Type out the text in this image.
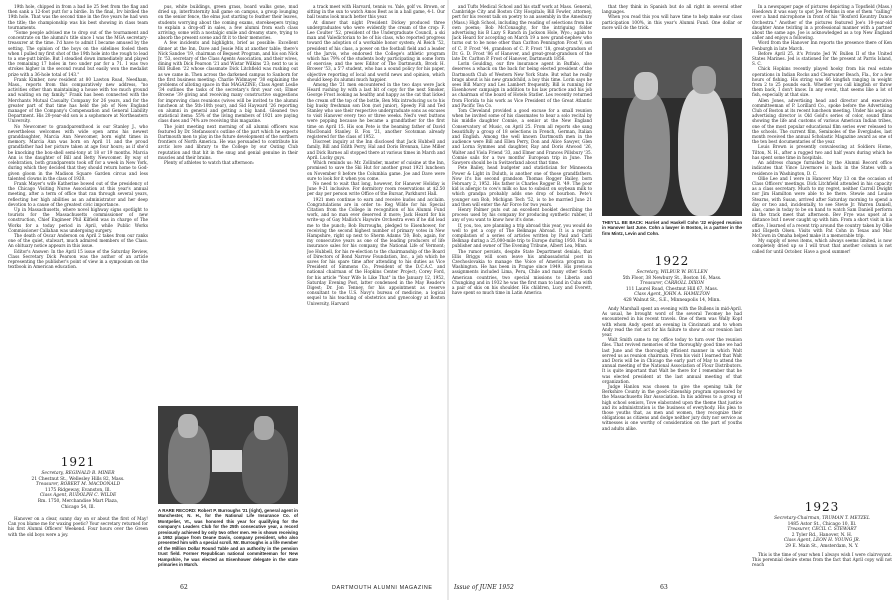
19th hole, chipped in from a bad lie 25 feet from the flag and then sank a 12-foot putt for a birdie. In the final, Irv birdied the 19th hole. That was the second time in the five years he had won the title; the championship was his best showing in class team tournaments.

"Some people advised me to drop out of the tournament and concentrate on the alumni's title since I was the MGA secretary-treasurer at the time. I'd have to admit I became amused by the setting. The opinion of the boys on the sidelines fooled them when I pulled my first shot of the 19th hole into the rough to lead to a one-putt birdie. But I steadied down immediately and played the remaining 17 holes in two under par for a 71. I was two strokes higher in the second round but easily won the medalist prize with a 36-hole total of 143."

Frank Kimber, now resident at 80 Lawton Road, Needham, Mass., reports from this comparatively new address, "no activities other than maintaining a house with too much ground and waiting on my family." Frank has been connected with the Merchants Mutual Casualty Company for 26 years, and for the greater part of that time has held the job of New England manager of the Company's Compensation and General Liability Department. His 20-year-old son is a sophomore at Northeastern University.

No Newcomer to grandparenthood is our Stanley J., who nevertheless welcomes with wide open arms his newest granddaughter, Marcia Ann Newcomer, born eight times in memory. Marcia Ann was born on April 11 and the proud grandfather had her picture taken at age four hours; as if she'd be knocking the box-shell semi-tony at 18 or 19 months. Marcia Ann is the daughter of Bill and Betty Newcomer. By way of celebration, both grandparents took off for a week in New York, during which they decided that they should return home to God-given gloom in the Madison Square Garden circus and less talented clowns in the class of 1920.

Frank Mayer's wife Katherine bowed out of the presidency of the Chicago Visiting Nurse Association at this year's annual meeting, after a term of office that ran through several years, reflecting her high abilities as an administrator and her deep devotion to a cause of the greatest civic importance.

Up in Massachusetts, where novel highway signs spotlight to tourists for the Massachusetts commissioner of new construction, Chief Engineer Phil Kilfield was in charge of The Works for a today period in April, while Public Works Commissioner Callahan was undergoing surgery.

The death of Oscar Anderson on April 2 takes from our ranks one of the quiet, stalwart, much admired members of the Class. An obituary notice appears in this issue.

Editor's Answer: In the April 15 issue of the Saturday Review, Class Secretary Dick Pearson was the author of an article representing the publisher's point of view in a symposium on the textbook in American education.

1921
Secretary, REGINALD B. MINER
21 Chestnut St., Wellesley Hills 82, Mass.
Treasurer, ROBERT M. MACDONALD
1175 Ridgeway, Evanston, Ill.
Class Agent, RUDOLPH C. WILDE
Rm. 1750, Merchandise Mart Plaza,
Chicago 54, Ill.

Hanover on a clear, sunny day on or about the first of May! Can you blame me for waxing poetic? Your secretary returned for his first Alumni Officers' Weekend. Four hours over the Green with the old boys were a joy.

pus, white buildings, green grass, board walks gone, mud dried up, interfraternity ball game on campus, a group lounging on the senior fence, the elms just starting to feather their leaves, students worrying about the coming exams, storekeepers trying to explain a drop-off in sales, a few alumni from each class arriving; some with a nostalgic smile and dreamy stare, trying to absorb the present scene and fit it to their memories.

A few incidents and highlights, brief as possible: Excellent dinner at the Inn, Dave and Jessie Mix at another table; there's Nick Sandoe '19, chairman of Bequest Program, and his son Nick Jr. '53, secretary of the Class Agents Association, and their wives, dining with Dick Pearson '21 and Wistar Wilkins '23; next to us is Bill Bullen '22 whose classmate Dick Litchfield was rushing out as we came in. Then across the darkened campus to Sanborn for the first business meeting: Charlie Widmayer '30 explaining the problems of alloting space in this MAGAZINE; Class Agent Leslie '34 outlines the tasks of the secretary's first year out; Elmer Browne '39 giving and receiving many constructive suggestions for improving class reunions (wives will be invited to the alumni luncheon at the 5th-10th year), and Sid Hayward '26 reporting on alumni in general and getting a big hand. Gleaned two statistical items: 55% of the living members of 1921 are paying class dues and 74% are receiving this magazine.

The joint meeting next morning of all alumni officers was featured by Dr. Stefansson's outline of the part which he expects Dartmouth men to play in the future development of the northern frontiers of North America. He was persuaded to contribute his arctic lore and library to the College by our Outing Club reputation and that hit in the snug and genial genuine in their muscles and their brains.

Plenty of athletes to watch that afternoon:

A RARE RECORD: Robert P. Burroughs '21 (right), general agent in Manchester, N. H., for the National Life Insurance Co. of Montpelier, Vt., was honored this year for qualifying for the company's Leaders Club for the 25th consecutive year, a record previously achieved by only two other men. He is shown receiving a 1952 plaque from Deane Davis, company president, who also presented him with a special scroll. Mr. Burroughs is a life member of the Million Dollar Round Table and an authority in the pension trust field. Former Republican national committeeman for New Hampshire, he was elected as Eisenhower delegate in the state primaries in March.

a track meet with Harvard, tennis vs. Yale, golf vs. Brown, or sitting in the sun to watch Amos Best as in a ball game, 4-1. Our ball teams look much better this year.

At dinner that night President Dickey produced three undergraduates who were evidently the cream of the crop: F. Lee Coulter '52, president of the Undergraduate Council, a ski man and Valedictorian to be of his class, who reported progress toward the adoption of a workable honor system; Al Reich '52, president of his class, a power on the football field and a leader of the Jarvis, who endorsed the College's athletic program which has 79% of the students body participating in some form of exercise; and the new Editor of The Dartmouth, Brock H. Brower '53, a 5'7 student, who has a sound policy for his paper, objective reporting of local and world news and opinion, which should keep its alumni much happier.

Among the '21 men encountered in the two days were Jack Heard rushing by with a last bit of copy for the next Smoker, George Frost looking as healthy and happy as the cat that licked the cream off the top of the bottle, Ben Mix introducing us to his big husky freshman son Don (not junior), Speedy Fill and Ted Stanley who use their respective undergraduate sons as excuses to visit Hanover every two or three weeks. Ned's vest buttons were popping because he became a grandfather for the first time on April 15. His son Pete is the beaming father of David MacDonald Stanley. B. Fox '21, another Scotsman already registered for the class of 1952.

Discreet inquiry at the Inn disclosed that Jack Hubbell and family, Bill and Edith Perry, Hal and Doris Brennan, Line Miller and Dick Barnes all stopped there at various times in March and April. Lucky guys.

Which reminds us: Mr. Zollinder, master of cuisine at the Inn, promised to save the Ski Hut for another great 1921 luncheon on November 8 before the Columbia game. Joe and Dave were sure to look for it when you come.

No need to wait that long, however, for Hanover Holiday is June 9-21 inclusive. For dormitory room reservations at $2.50 per day per person write Office of the Bursar, Parkhurst Hall.

1921 men continue to earn and receive kudos and acclaim. Congratulations are in order to: Reg Wilde for his Special Citation from the College in recognition of his Alumni Fund work, and no man ever deserved it more; Jack Heard for his write-up of Gay Mallick's Haywire Orchestra even if he did lead me to the punch; Bob Burroughs, pledged to Eisenhower, for receiving the second highest number of primary votes in New Hampshire, right up next to Sherm Adams '20; Bob, again, for my consecutive years as one of the leading producers of life insurance sales for his company, the National Life of Vermont; Joe Hubbell, for his re-election to the chairmanship of the Board of Directors of Bond Narrow Foundation, Inc., a job which he saves for his spare time after attending to his duties as Vice President of Simmons Co., President of the D.C.A.C. and national chairman of the Hopkins Center Project; Corey Ford, for his article "Your Wife Is Like That" in the January 12, 1952, Saturday Evening Post, latter condensed in the May Reader's Digest; Dr. Jon Tenney, for his appointment as reserve consultant to the U.S. Navy's bureau of medicine, a logical sequel to his teaching of obstetrics and gynecology at Boston University, Harvard

62	DARTMOUTH ALUMNI MAGAZINE

and Tufts Medical School and his staff work at Mass. General, Cambridge City and Boston City Hospitals; Bill Fowler, attorney, pert for his recent talk on poetry to an assembly in the Amesbury (Mass.) High School, including the reading of selections from his own poems; Bob McConaughy, for the intriguing folder advertising his B Lazy S Ranch in Jackson Hole, Wyo.; again to Jack Heard for accepting on March 19 a new grand-nephew who turns out to be none other than Carlton Pennington Frost V, son of C. P. Frost '44, grandson of C. P. Frost '18, great-grandson of Dr. G. D. Frost '86 of Hanover, and great-great-grandson of the late Dr. Carlton P. Frost of Hanover, Dartmouth 1856.

Lorin Goulding, our fire insurance agent in Buffalo, also deserves a whack on the back for being elected president of the Dartmouth Club of Western New York State. But what he really brags about is his new grandchild, a boy this time. Lorin says he sees Bill Marcy and Les Lambert frequently. Bill is running for Eisenhower campaign in addition to his law practice and his job as chairman of the board of Hotels Statler. Les recently returned from Florida to his work as Vice President of the Great Atlantic and Pacific Tea Co.

Tom Cleveland provided a good excuse for a small reunion when he invited some of his classmates to hear a solo recital by his middle daughter Connie, a senior at the New England Conservatory of Music, on April 25. From all reports she sang beautifully a group of 18 selections in French, German, Italian and English. Among the well known Dartmouth men in the audience were Bill and Ellen Perry, Don and Alice Sawyer, Glen and Lorna Symmes and daughter, Ray and Doris Atwood '26, Walter and Viola Friend '33, and Elmer and Frances Pillsbury '35. Connie sails for a two months' European trip in June. The Sawyers should be in Switzerland about that time.

Pete Bailey, head budgeter and statistician for Minnesota Power & Light in Duluth, is another one of those grandfathers. Now it's his second grandson Thomas Rogger Bailey, born February 2, 1952. His father is Charles Rogger B. '49. The poor kid is allergic to cow's milk so has to subsist on soybean milk to which grandpa probably adds one drop of bourbon. Pete's younger son Bob, Michigan Tech '52, is to be married June 21 and then will enter the Air Force for two years.

Henry Palmer puts out an excellent booklet describing the process used by his company for producing synthetic rubber, if any of you want to know how it's done.

If, you, too, are planning a trip abroad this year, you would do well to get a copy of The Belknaps Abroad. It is a reprint compilation of a series of articles written by Paul and Carli Belknap during a 25,000-mile trip to Europe during 1950. Paul is publisher and owner of The Evening Tribune, Albert Lea, Minn.

The rumor persists, despite State Department denials, that Ellis Briggs will soon leave his ambassadorial post in Czechoslovakia to manage the Voice of America program in Washington. He has been in Prague since 1949. His previous assignments included Lima, Peru, Chile and many other South American countries, two special missions to Liberia and Chungking and in 1932 he was the first man to land in Cuba with a pair of skis on his shoulder. His children, Lucy and Everett, have spent so much time in Latin America

that they think in Spanish but do all right in several other languages.

When you read this you will have time to help make our class participation 100%, in this year's Alumni Fund. One dollar or more will do the trick.

THEY'LL BE BACK: Harriet and Haskell Cohn '22 enjoyed reunion in Hanover last June. Cohn a lawyer in Boston, is a partner in the firm Mintz, Levin and Cohn.
1922
Secretary, WILBUR W. BULLEN
5th Floor, 38 Newbury St., Boston 16, Mass.
Treasurer, CARROLL DIXON
111 Laurel Road, Chestnut Hill 67, Mass.
Class Agent, JOHN A. HAMILTON
428 Walnut St., S.E., Minneapolis 14, Minn.

Andy Marshall spent an evening with the Bullens in mid-April. As usual, he brought word of the several Twomey he had encountered in his recent travels. One of them was Wally Kopf with whom Andy spent an evening in Cincinnati and to whom Andy read the riot act for his failure to show at our reunion last year.

Walt Smith came to my office today to turn over the reunion files. That revived memories of the thoroughly good time we had last June and the thoroughly efficient manner in which Walt served us as reunion chairman. From his visit I learned that Walt and Doris will be in Chicago the early part of May to attend the annual meeting of the National Association of Flour Distributors. It is quite important that Walt be there for I remember that he was elected president at the last annual meeting of that organization.

Judge Hanlon was chosen to give the opening talk for Berkshire County in the good-citizenship program sponsored by the Massachusetts Bar Association. In his address to a group of high school seniors, Tove elaborated upon the theme that justice and its administration is the business of everybody. His plea to those youths that, as men and women, they recognize their obligations as citizens and dodge neither jury duty nor service as witnesses is one worthy of consideration on the part of youths and adults alike.

In a newspaper page of pictures depicting a Topsfield (Mass.) Hoedown it was easy to spot Joe Perkins in one of them "calling" over a hand microphone in front of his "Boxford Kountry Dance Orchestra." Another of the pictures featured Joe's 10-year-old daughter Anne twirling in a professional manner with a partner about the same age. Joe is acknowledged as a top New England caller and enjoys a following.

Word from the Hanover Inn reports the presence there of Ken Fenburgh in late March.

Before April 25, it's Private Jed W. Bullen II of the United States Marines. Jed is stationed for the present at Parris Island, S. C.

Chick Hopkins recently played hooky from his real estate operations in Indian Rocks and Clearwater Beach, Fla., for a few hours of fishing. His string was 66 kingfish ranging in weight from 2 to 25 pounds each. Whether you call kingfish or throw them back, I don't know. In any event, that seems like a lot of fish, especially at that size.

Allen Jones, advertising head and director and executive committeeman of P. Lorillard Co., spoke before the Advertising Club of Boston at its recent luncheon meeting. Under his aegis as advertising director is Old Gold's series of color, sound films showing the life and customs of various American Indian tribes, one of the most popular educational film series ever released to the schools. The current film, Seminoles of the Everglades, last month received the annual Scholastic Magazine award as one of the ten best documentaries of the year.

Louis Brown is presently convalescing at Soldiers Home, Tilton, N. H., after a rugged two and half years during which he has spent some time in hospitals.

An address change furnished by the Alumni Record office indicates that Vince Livermore is back in the States with a residence in Washington, D. C.

Ollie Lee and I were in Hanover May 13 on the occasion of Class Officers' meetings. Dick Litchfield attended in his capacity as a class secretary. Much to my regret, neither Carroll Dwight nor Jim Hamilton were able to be there. Stewie and Louise Stearns, with Susan, arrived after Saturday morning to spend a day or two and, incidentally, to see Stevie Jr. Warren Daniell, alas, came in today to be on hand to watch Sam Daniell perform in the track meet that afternoon. Bev Frye was upset at a distance but I never caught up with him. From a short visit in his office, I learned of a recent trip around the country taken by Ollie and Elspeth Olsen. Visits with Pat Cohn in Texas and Mac McCown in Omaha helped make it a memorable trip.

My supply of news items, which always seems limited, is now completely dried up so I will trust that another column is not called for until October. Have a good summer!

1923
Secretary-Chairman, TRUMAN T. METZEL
1485 Astor St., Chicago 10, Ill.
Treasurer, CECIL C. STEWART
2 Tyler Rd., Hanover, N. H.
Class Agent, LEON H. YOUNG JR.
29 E. Main St., Amsterdam, N. Y.

This is the time of year when I always wish I were clairvoyant. This perennial desire stems from the fact that April copy will not reach

Issue of JUNE 1952	63
